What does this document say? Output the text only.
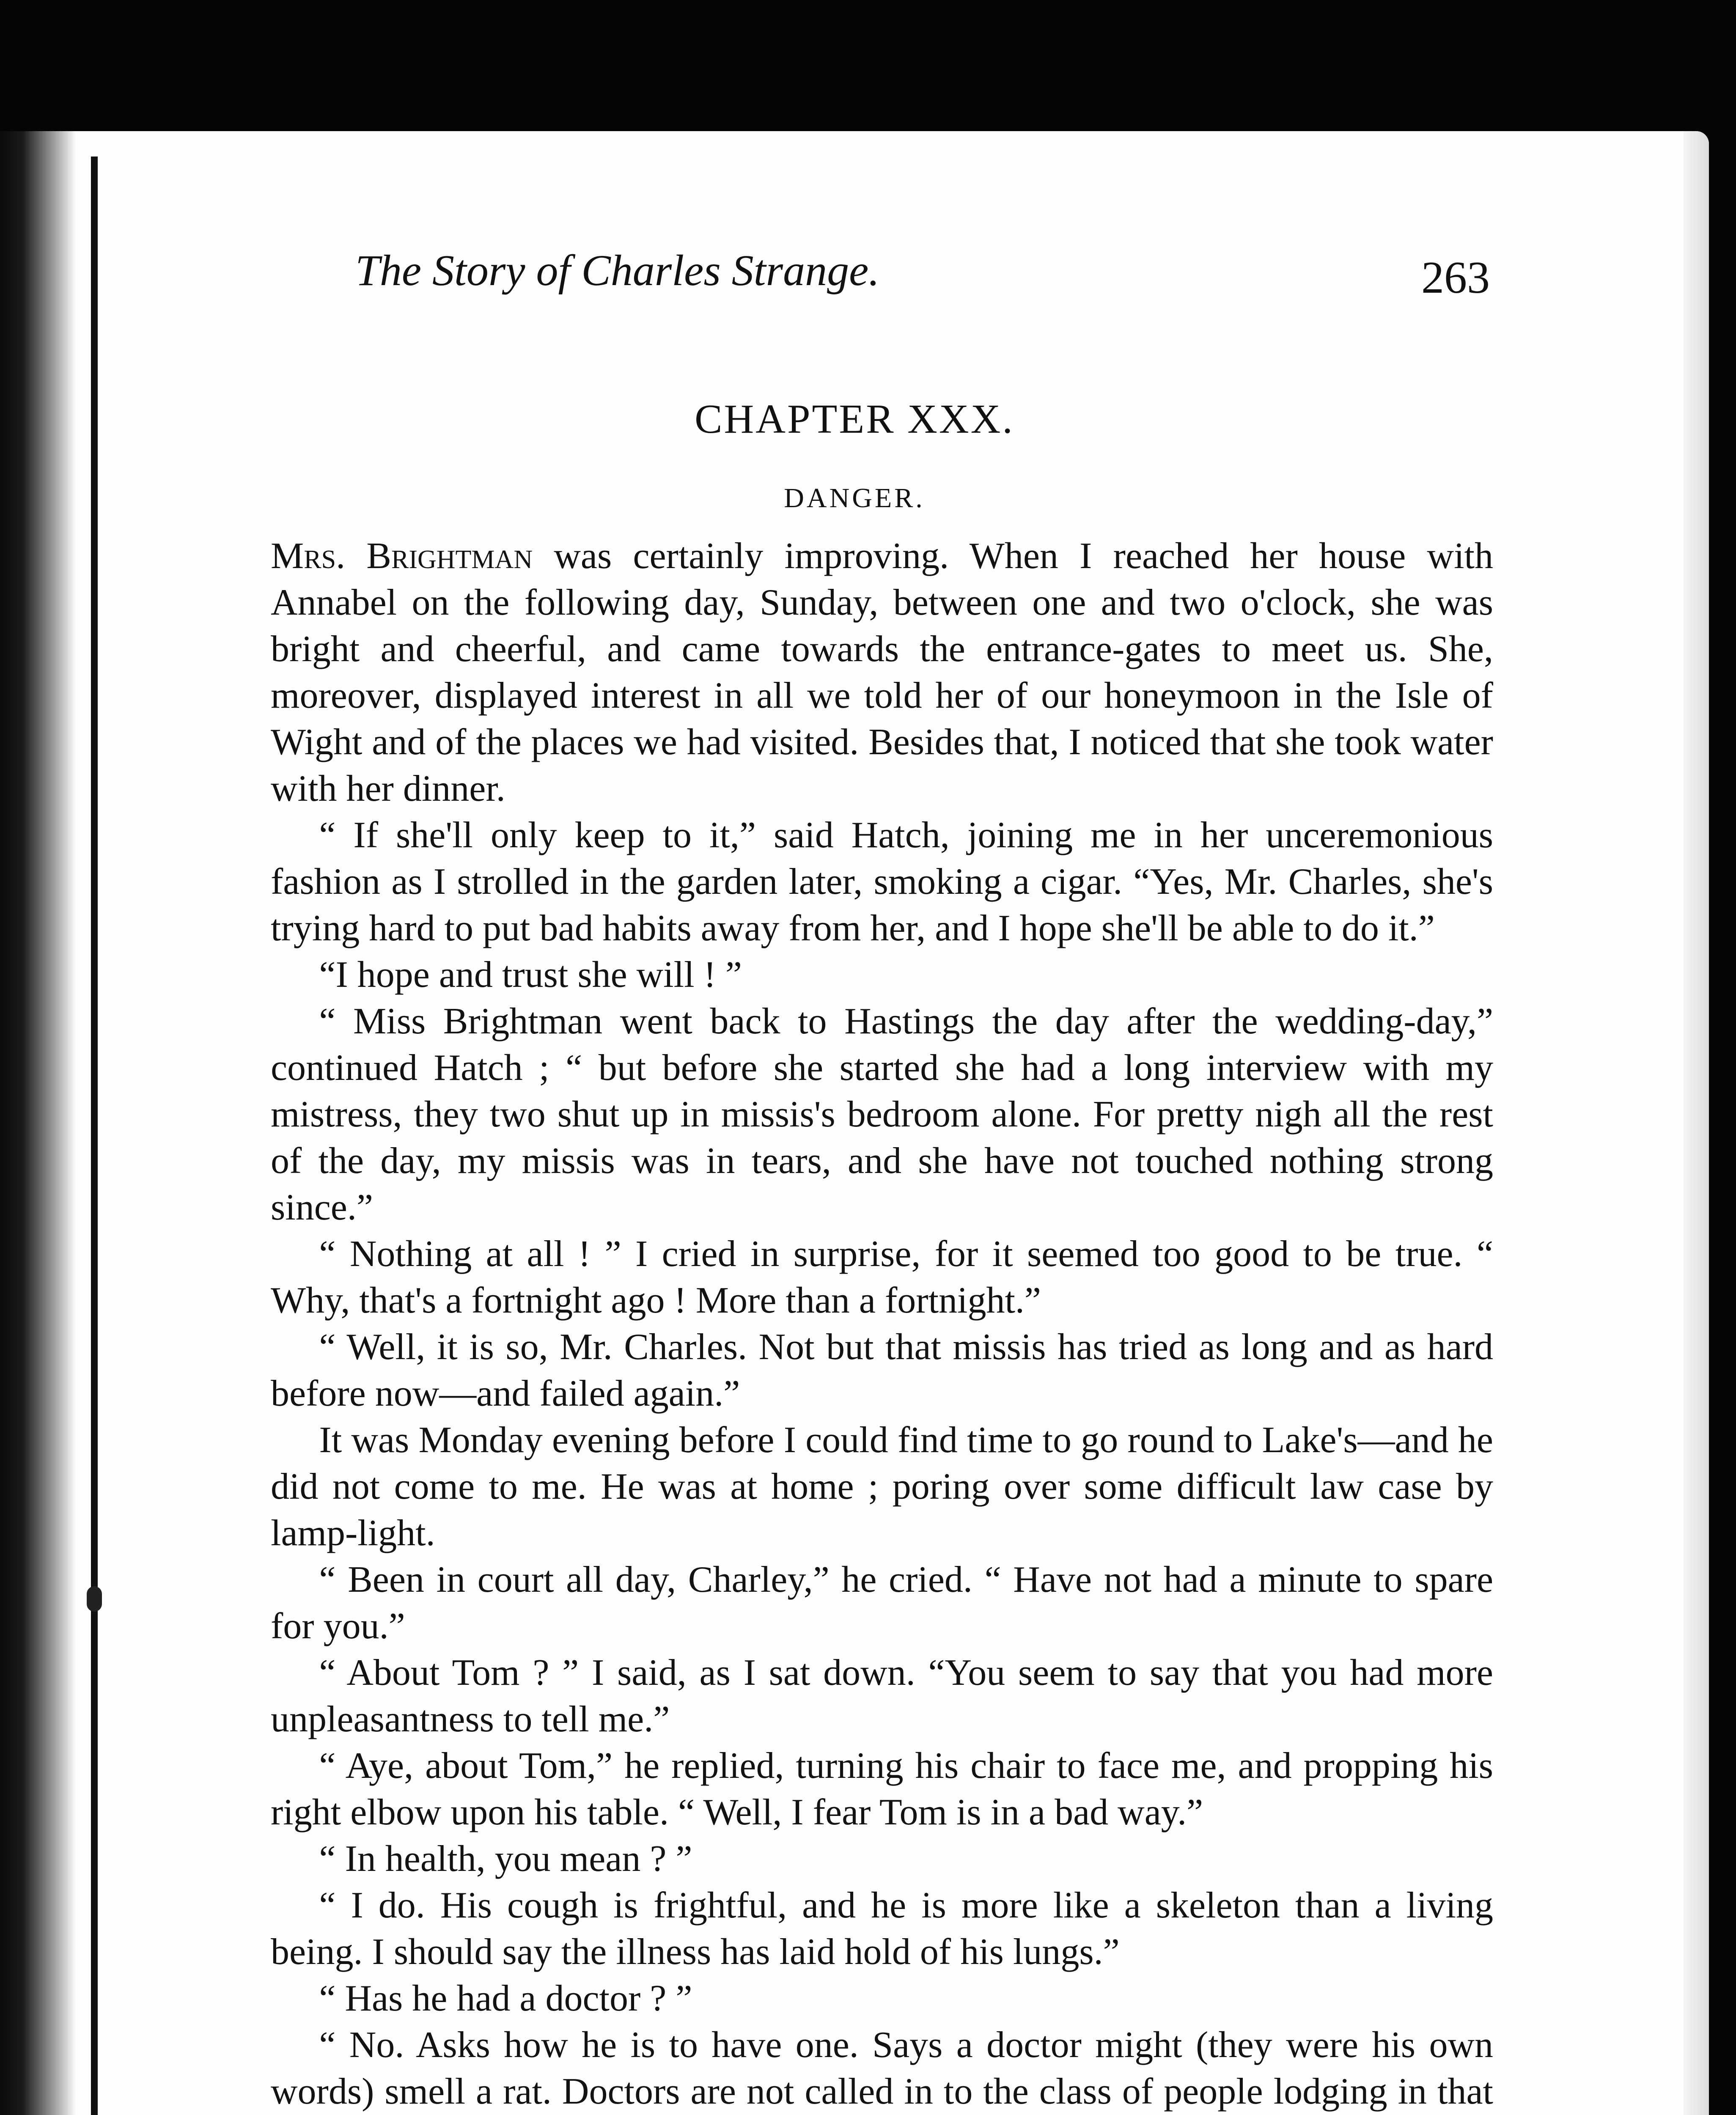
The Story of Charles Strange.	263
CHAPTER XXX.
DANGER.

Mrs. Brightman was certainly improving. When I reached her house with Annabel on the following day, Sunday, between one and two o'clock, she was bright and cheerful, and came towards the entrance-gates to meet us. She, moreover, displayed interest in all we told her of our honeymoon in the Isle of Wight and of the places we had visited. Besides that, I noticed that she took water with her dinner.

“ If she'll only keep to it,” said Hatch, joining me in her unceremonious fashion as I strolled in the garden later, smoking a cigar. “Yes, Mr. Charles, she's trying hard to put bad habits away from her, and I hope she'll be able to do it.”

“I hope and trust she will ! ”

“ Miss Brightman went back to Hastings the day after the wedding-day,” continued Hatch ; “ but before she started she had a long interview with my mistress, they two shut up in missis's bedroom alone. For pretty nigh all the rest of the day, my missis was in tears, and she have not touched nothing strong since.”

“ Nothing at all ! ” I cried in surprise, for it seemed too good to be true. “ Why, that's a fortnight ago ! More than a fortnight.”

“ Well, it is so, Mr. Charles. Not but that missis has tried as long and as hard before now—and failed again.”

It was Monday evening before I could find time to go round to Lake's—and he did not come to me. He was at home ; poring over some difficult law case by lamp-light.

“ Been in court all day, Charley,” he cried. “ Have not had a minute to spare for you.”

“ About Tom ? ” I said, as I sat down. “You seem to say that you had more unpleasantness to tell me.”

“ Aye, about Tom,” he replied, turning his chair to face me, and propping his right elbow upon his table. “ Well, I fear Tom is in a bad way.”

“ In health, you mean ? ”

“ I do. His cough is frightful, and he is more like a skeleton than a living being. I should say the illness has laid hold of his lungs.”

“ Has he had a doctor ? ”

“ No. Asks how he is to have one. Says a doctor might (they were his own words) smell a rat. Doctors are not called in to the class of people lodging in that
